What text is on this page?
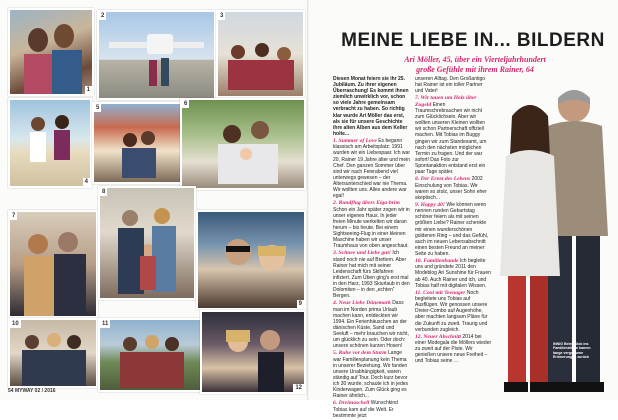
1
2	3
4
5
6
7
8
9
10	11
12
54 MYWAY 02 / 2016
MEINE LIEBE IN... BILDERN

Ari Möller, 45, über ein Vierteljahrhundert
große Gefühle mit ihrem Rainer, 64

Diesen Monat feiern sie ihr 25. Jubiläum. Zu ihrer eigenen Überraschung! Es kommt ihnen ziemlich unwirklich vor, schon so viele Jahre gemeinsam verbracht zu haben. So richtig klar wurde Ari Möller das erst, als sie für unsere Geschichte ihre alten Alben aus dem Keller holte...

1. Summer of Love Es begann klassisch am Arbeitsplatz: 1991 wurden wir ein Liebespaar. Ich war 20, Rainer 19 Jahre älter und mein Chef. Den ganzen Sommer über sind wir nach Feierabend viel unterwegs gewesen – der Altersunterschied war nie Thema. Wir wollten uns. Alles andere war egal!

2. Rundflug übers Eiga-brim Schon ein Jahr später zogen wir in unser eigenes Haus. In jeder freien Minute werkelten wir daran herum – bis heute. Bei einem Sightseeing-Flug in einer kleinen Maschine haben wir unser Traumhaus von oben angeschaut.

3. Schnee und Liebe gut! Ich stand noch nie auf Brettern. Aber Rainer hat mich mit seiner Leidenschaft fürs Skifahren infiziert. Zum Üben ging's erst mal in den Harz, 1993 Skiurlaub in den Dolomiten – in den „echten“ Bergen.

4. Neue Liebe Dänemark Dass man im Norden prima Urlaub machen kann, entdeckten wir 1994. Ein Ferienhäuschen an der dänischen Küste, Sand und Seeluft – mehr brauchen wir nicht, um glücklich zu sein. Oder doch: unsere schönen kurzen Hosen!

5. Ruhe vor dem Sturm Lange war Familienplanung kein Thema in unserer Beziehung. Wir fanden unsere Unabhängigkeit, waren ständig auf Tour. Doch kurz bevor ich 30 wurde, schaute ich in jedes Kinderwagen. Zum Glück ging es Rainer ähnlich...

6. Dreimaschell Wunschkind Tobias kam auf die Welt. Er bestimmte jetzt

unseren Alltag. Den Großantigo hat Rainer ist ein toller Partner und Vater!

7. Wir tauen um Holz über Zugeld Einen Traumschrebrauchen wir nicht zum Glücklichsein. Aber wir wollten unseren Kleinen wollten wir schon Partnerschaft offiziell machen. Mit Tobias im Buggy gingen wir zum Standesamt, um nach den nächsten möglichen Termin zu fragen. Und der war sofort! Das Foto zur Spontanaktion entstand erst ein paar Tage später.

8. Der Ernst des Lebens 2002 Einschulung von Tobias. Wir waren so stolz, unser Sohn eher skeptisch...

9. Happy 40! Wie können wenn nennen runden Geburtstag schöner feiern als mit seinen größten Liebe? Rainer schenkte mir einen wunderschönen goldenen Ring – und das Gefühl, auch im neuen Lebensabschnitt einen besten Freund an meiner Seite zu haben.

10. Familienbande Ich begleite uns und gründete 2011 den Modeblog Ari Sunshine für Frauen ab 40. Auch Rainer und ich, und Tobias half mit digitalen Wissen.

11. Cool mit Teenager Noch begleitete uns Tobias auf Ausflügen. Wir genossen unsere Dreier-Combo auf Augenhöhe, aber machten langsam Pläne für die Zukunft zu zweit. Traurig und verbunden zugleich.

12. Neuer Abschnitt 2014 bei einer Modegala die Möllers wieder zu zweit auf der Piste. Wir genießen unsere neue Freiheit – und Tobias seine ...

INNIG Beim Blick ins Familienalbum kamen lange vergessene Erinnerungen zurück
